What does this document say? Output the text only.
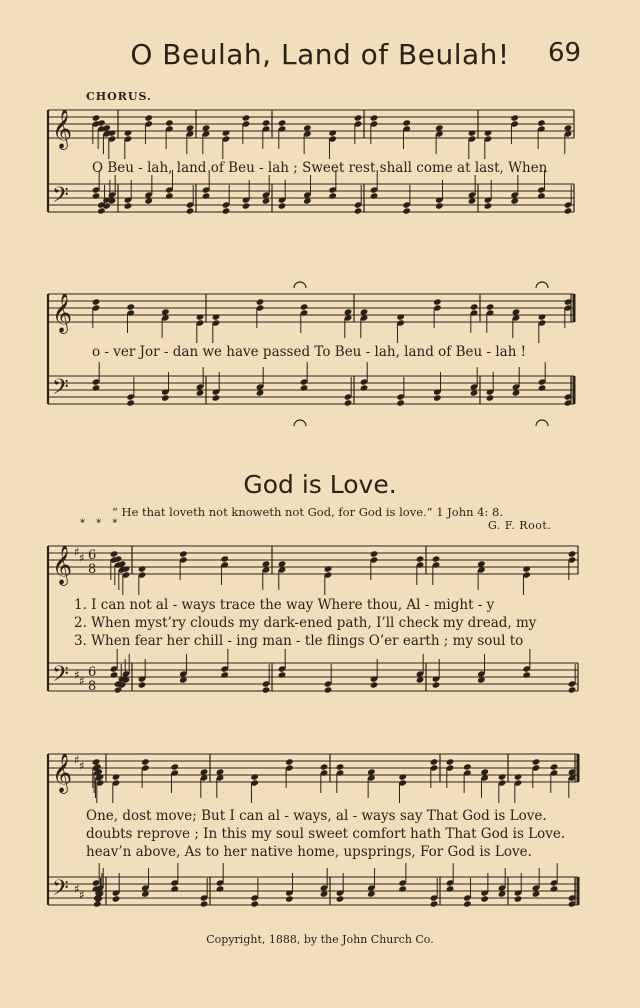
O Beulah, Land of Beulah!	69
CHORUS.
O Beu - lah, land of Beu - lah ; Sweet rest shall come at last, When
o - ver Jor - dan we have passed To Beu - lah, land of Beu - lah !
God is Love.
“ He that loveth not knoweth not God, for God is love.” 1 John 4: 8.
* * *	G. F. Root.
1. I can not al - ways trace the way Where thou, Al - might - y
2. When myst’ry clouds my dark-ened path, I’ll check my dread, my
3. When fear her chill - ing man - tle flings O’er earth ; my soul to
One, dost move; But I can al - ways, al - ways say That God is Love.
doubts reprove ; In this my soul sweet comfort hath That God is Love.
heav’n above, As to her native home, upsprings, For God is Love.
Copyright, 1888, by the John Church Co.
𝄞
𝄢
𝄞
𝄢
𝄞
𝄢
♯ ♯
♯ ♯
6
8
6
8
𝄞
𝄢
♯ ♯
♯ ♯
